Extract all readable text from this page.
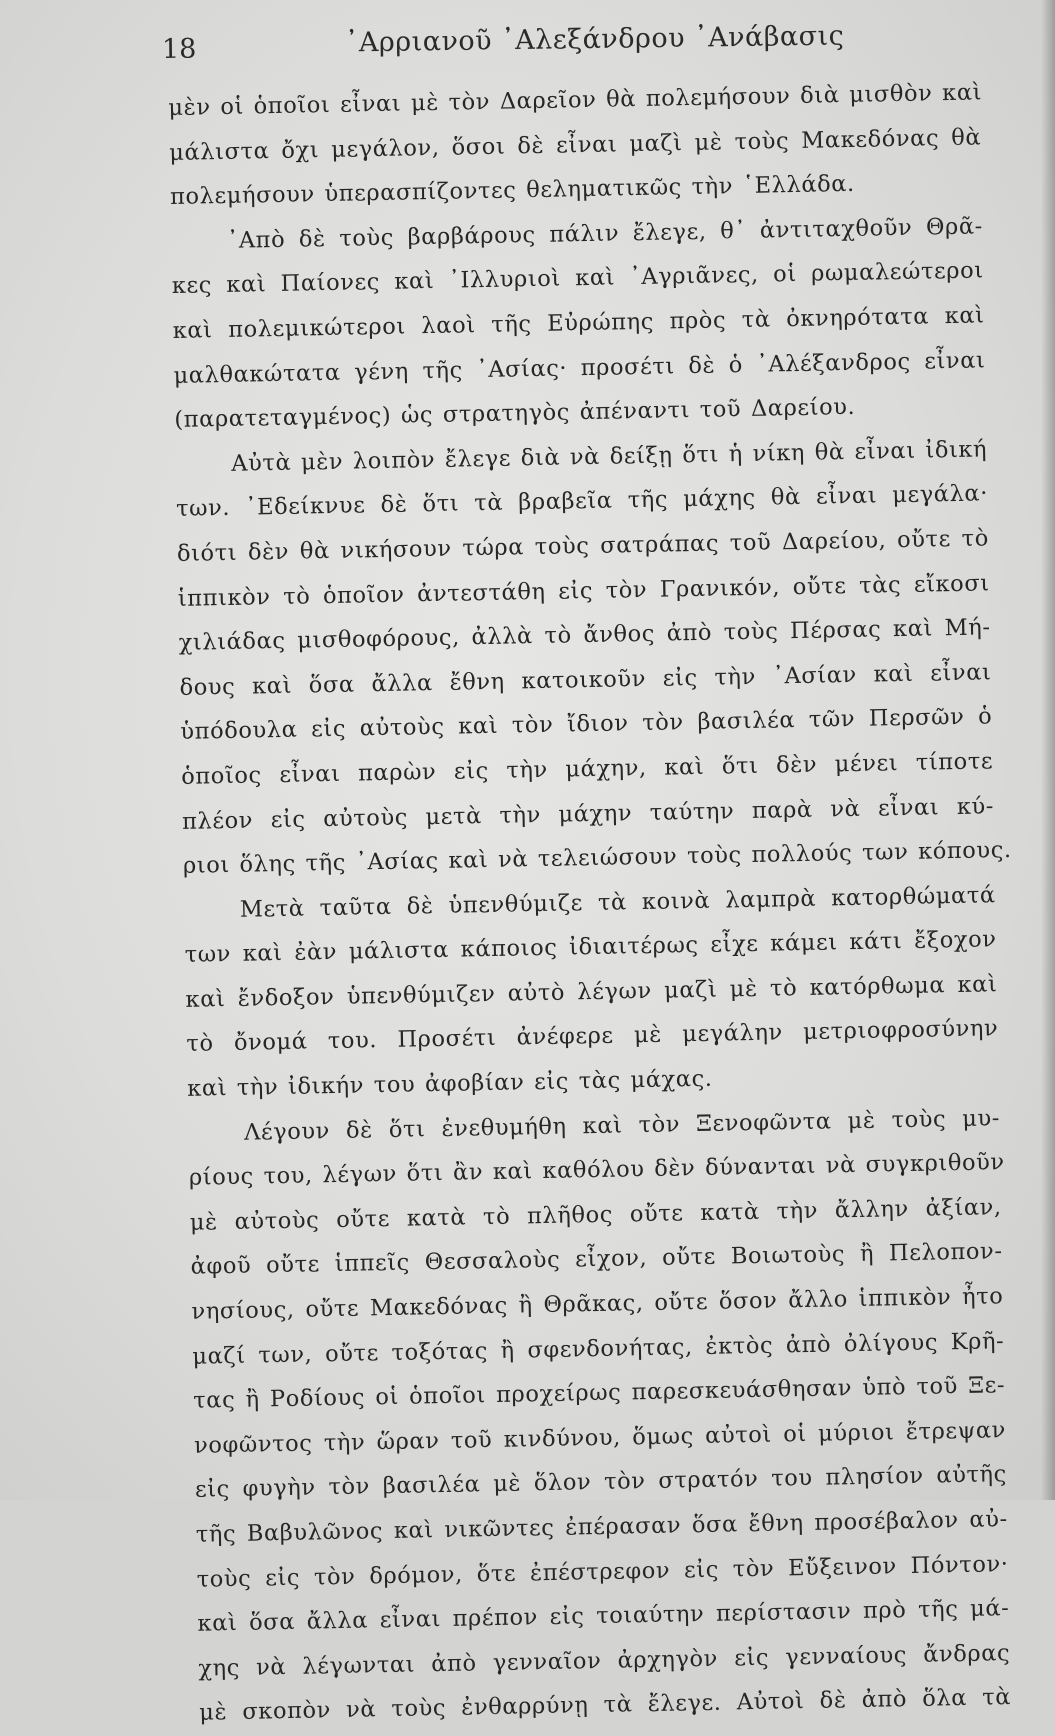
18	᾿Αρριανοῦ ᾿Αλεξάνδρου ᾿Ανάβασις
μὲν οἱ ὁποῖοι εἶναι μὲ τὸν Δαρεῖον θὰ πολεμήσουν διὰ μισθὸν καὶ
μάλιστα ὄχι μεγάλον, ὅσοι δὲ εἶναι μαζὶ μὲ τοὺς Μακεδόνας θὰ
πολεμήσουν ὑπερασπίζοντες θεληματικῶς τὴν ῾Ελλάδα.
᾿Απὸ δὲ τοὺς βαρβάρους πάλιν ἔλεγε, θ᾿ ἀντιταχθοῦν Θρᾶ-
κες καὶ Παίονες καὶ ᾿Ιλλυριοὶ καὶ ᾿Αγριᾶνες, οἱ ρωμαλεώτεροι
καὶ πολεμικώτεροι λαοὶ τῆς Εὐρώπης πρὸς τὰ ὀκνηρότατα καὶ
μαλθακώτατα γένη τῆς ᾿Ασίας· προσέτι δὲ ὁ ᾿Αλέξανδρος εἶναι
(παρατεταγμένος) ὡς στρατηγὸς ἀπέναντι τοῦ Δαρείου.
Αὐτὰ μὲν λοιπὸν ἔλεγε διὰ νὰ δείξῃ ὅτι ἡ νίκη θὰ εἶναι ἰδική
των. ᾿Εδείκνυε δὲ ὅτι τὰ βραβεῖα τῆς μάχης θὰ εἶναι μεγάλα·
διότι δὲν θὰ νικήσουν τώρα τοὺς σατράπας τοῦ Δαρείου, οὔτε τὸ
ἱππικὸν τὸ ὁποῖον ἀντεστάθη εἰς τὸν Γρανικόν, οὔτε τὰς εἴκοσι
χιλιάδας μισθοφόρους, ἀλλὰ τὸ ἄνθος ἀπὸ τοὺς Πέρσας καὶ Μή-
δους καὶ ὅσα ἄλλα ἔθνη κατοικοῦν εἰς τὴν ᾿Ασίαν καὶ εἶναι
ὑπόδουλα εἰς αὐτοὺς καὶ τὸν ἴδιον τὸν βασιλέα τῶν Περσῶν ὁ
ὁποῖος εἶναι παρὼν εἰς τὴν μάχην, καὶ ὅτι δὲν μένει τίποτε
πλέον εἰς αὐτοὺς μετὰ τὴν μάχην ταύτην παρὰ νὰ εἶναι κύ-
ριοι ὅλης τῆς ᾿Ασίας καὶ νὰ τελειώσουν τοὺς πολλούς των κόπους.
Μετὰ ταῦτα δὲ ὑπενθύμιζε τὰ κοινὰ λαμπρὰ κατορθώματά
των καὶ ἐὰν μάλιστα κάποιος ἰδιαιτέρως εἶχε κάμει κάτι ἔξοχον
καὶ ἔνδοξον ὑπενθύμιζεν αὐτὸ λέγων μαζὶ μὲ τὸ κατόρθωμα καὶ
τὸ ὄνομά του. Προσέτι ἀνέφερε μὲ μεγάλην μετριοφροσύνην
καὶ τὴν ἰδικήν του ἀφοβίαν εἰς τὰς μάχας.
Λέγουν δὲ ὅτι ἐνεθυμήθη καὶ τὸν Ξενοφῶντα μὲ τοὺς μυ-
ρίους του, λέγων ὅτι ἂν καὶ καθόλου δὲν δύνανται νὰ συγκριθοῦν
μὲ αὐτοὺς οὔτε κατὰ τὸ πλῆθος οὔτε κατὰ τὴν ἄλλην ἀξίαν,
ἀφοῦ οὔτε ἱππεῖς Θεσσαλοὺς εἶχον, οὔτε Βοιωτοὺς ἢ Πελοπον-
νησίους, οὔτε Μακεδόνας ἢ Θρᾶκας, οὔτε ὅσον ἄλλο ἱππικὸν ἦτο
μαζί των, οὔτε τοξότας ἢ σφενδονήτας, ἐκτὸς ἀπὸ ὀλίγους Κρῆ-
τας ἢ Ροδίους οἱ ὁποῖοι προχείρως παρεσκευάσθησαν ὑπὸ τοῦ Ξε-
νοφῶντος τὴν ὥραν τοῦ κινδύνου, ὅμως αὐτοὶ οἱ μύριοι ἔτρεψαν
εἰς φυγὴν τὸν βασιλέα μὲ ὅλον τὸν στρατόν του πλησίον αὐτῆς
τῆς Βαβυλῶνος καὶ νικῶντες ἐπέρασαν ὅσα ἔθνη προσέβαλον αὐ-
τοὺς εἰς τὸν δρόμον, ὅτε ἐπέστρεφον εἰς τὸν Εὔξεινον Πόντον·
καὶ ὅσα ἄλλα εἶναι πρέπον εἰς τοιαύτην περίστασιν πρὸ τῆς μά-
χης νὰ λέγωνται ἀπὸ γενναῖον ἀρχηγὸν εἰς γενναίους ἄνδρας
μὲ σκοπὸν νὰ τοὺς ἐνθαρρύνῃ τὰ ἔλεγε. Αὐτοὶ δὲ ἀπὸ ὅλα τὰ
